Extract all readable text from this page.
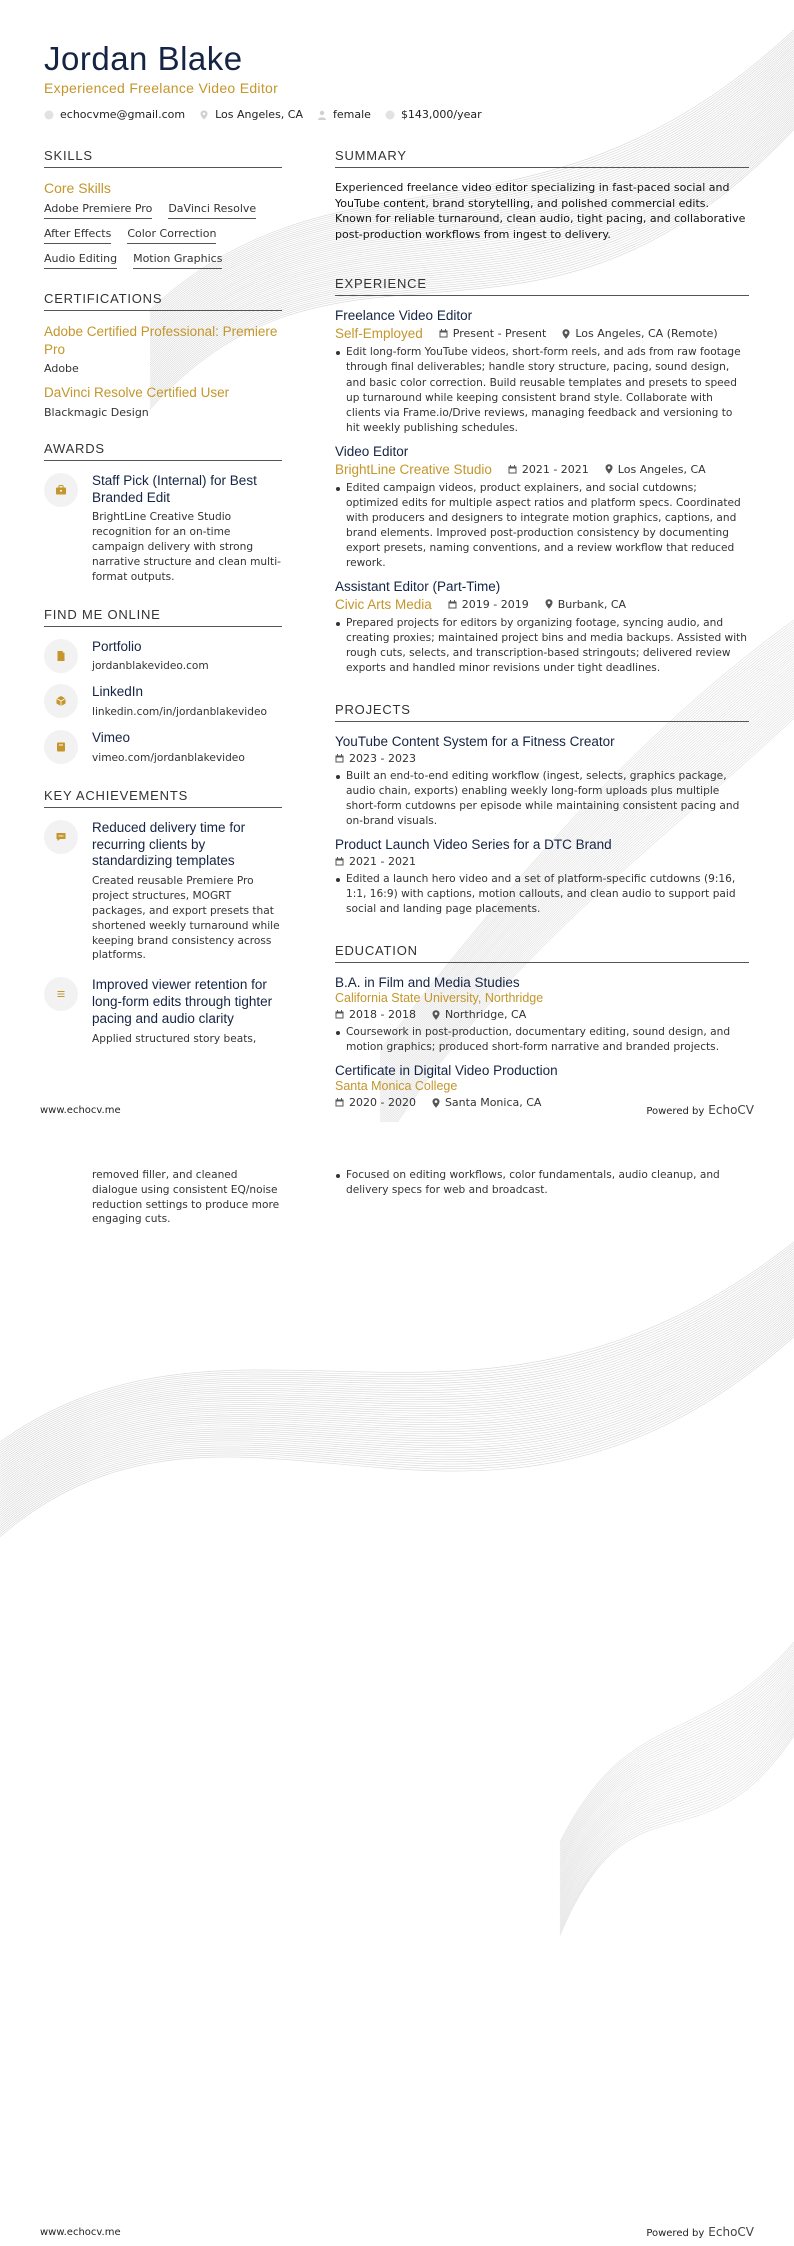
Jordan Blake
Experienced Freelance Video Editor
echocvme@gmail.com	Los Angeles, CA	female	$143,000/year
SKILLS
Core Skills
Adobe Premiere Pro DaVinci Resolve
After Effects Color Correction
Audio Editing Motion Graphics
CERTIFICATIONS
Adobe Certified Professional: Premiere Pro
Adobe
DaVinci Resolve Certified User
Blackmagic Design
AWARDS
Staff Pick (Internal) for Best Branded Edit
BrightLine Creative Studio recognition for an on-time campaign delivery with strong narrative structure and clean multi-format outputs.
FIND ME ONLINE
Portfolio
jordanblakevideo.com
LinkedIn
linkedin.com/in/jordanblakevideo
Vimeo
vimeo.com/jordanblakevideo
KEY ACHIEVEMENTS
Reduced delivery time for recurring clients by standardizing templates
Created reusable Premiere Pro project structures, MOGRT packages, and export presets that shortened weekly turnaround while keeping brand consistency across platforms.
Improved viewer retention for long-form edits through tighter pacing and audio clarity
Applied structured story beats,
SUMMARY
Experienced freelance video editor specializing in fast-paced social and YouTube content, brand storytelling, and polished commercial edits. Known for reliable turnaround, clean audio, tight pacing, and collaborative post-production workflows from ingest to delivery.
EXPERIENCE
Freelance Video Editor
Self-Employed	Present - Present	Los Angeles, CA (Remote)
Edit long-form YouTube videos, short-form reels, and ads from raw footage through final deliverables; handle story structure, pacing, sound design, and basic color correction. Build reusable templates and presets to speed up turnaround while keeping consistent brand style. Collaborate with clients via Frame.io/Drive reviews, managing feedback and versioning to hit weekly publishing schedules.
Video Editor
BrightLine Creative Studio	2021 - 2021	Los Angeles, CA
Edited campaign videos, product explainers, and social cutdowns; optimized edits for multiple aspect ratios and platform specs. Coordinated with producers and designers to integrate motion graphics, captions, and brand elements. Improved post-production consistency by documenting export presets, naming conventions, and a review workflow that reduced rework.
Assistant Editor (Part-Time)
Civic Arts Media	2019 - 2019	Burbank, CA
Prepared projects for editors by organizing footage, syncing audio, and creating proxies; maintained project bins and media backups. Assisted with rough cuts, selects, and transcription-based stringouts; delivered review exports and handled minor revisions under tight deadlines.
PROJECTS
YouTube Content System for a Fitness Creator
2023 - 2023
Built an end-to-end editing workflow (ingest, selects, graphics package, audio chain, exports) enabling weekly long-form uploads plus multiple short-form cutdowns per episode while maintaining consistent pacing and on-brand visuals.
Product Launch Video Series for a DTC Brand
2021 - 2021
Edited a launch hero video and a set of platform-specific cutdowns (9:16, 1:1, 16:9) with captions, motion callouts, and clean audio to support paid social and landing page placements.
EDUCATION
B.A. in Film and Media Studies
California State University, Northridge
2018 - 2018	Northridge, CA
Coursework in post-production, documentary editing, sound design, and motion graphics; produced short-form narrative and branded projects.
Certificate in Digital Video Production
Santa Monica College
2020 - 2020	Santa Monica, CA
www.echocv.me	Powered by EchoCV
removed filler, and cleaned dialogue using consistent EQ/noise reduction settings to produce more engaging cuts.
Focused on editing workflows, color fundamentals, audio cleanup, and delivery specs for web and broadcast.
www.echocv.me	Powered by EchoCV
